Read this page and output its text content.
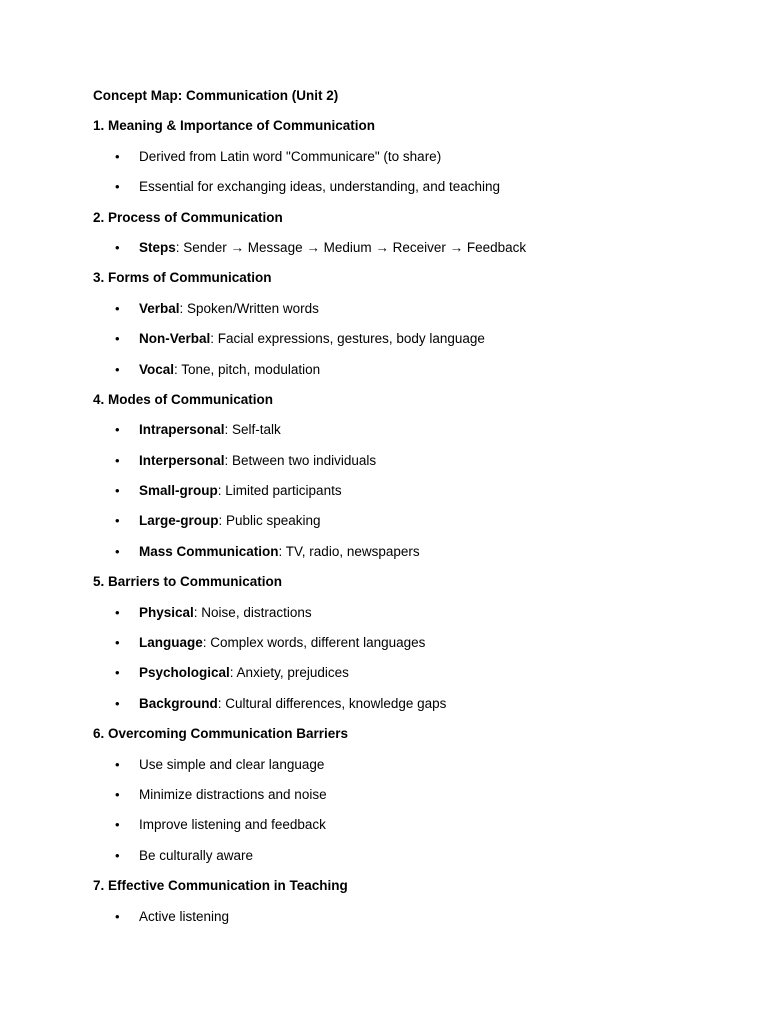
Concept Map: Communication (Unit 2)
1. Meaning & Importance of Communication
• Derived from Latin word "Communicare" (to share)
• Essential for exchanging ideas, understanding, and teaching
2. Process of Communication
• Steps: Sender → Message → Medium → Receiver → Feedback
3. Forms of Communication
• Verbal: Spoken/Written words
• Non-Verbal: Facial expressions, gestures, body language
• Vocal: Tone, pitch, modulation
4. Modes of Communication
• Intrapersonal: Self-talk
• Interpersonal: Between two individuals
• Small-group: Limited participants
• Large-group: Public speaking
• Mass Communication: TV, radio, newspapers
5. Barriers to Communication
• Physical: Noise, distractions
• Language: Complex words, different languages
• Psychological: Anxiety, prejudices
• Background: Cultural differences, knowledge gaps
6. Overcoming Communication Barriers
• Use simple and clear language
• Minimize distractions and noise
• Improve listening and feedback
• Be culturally aware
7. Effective Communication in Teaching
• Active listening
